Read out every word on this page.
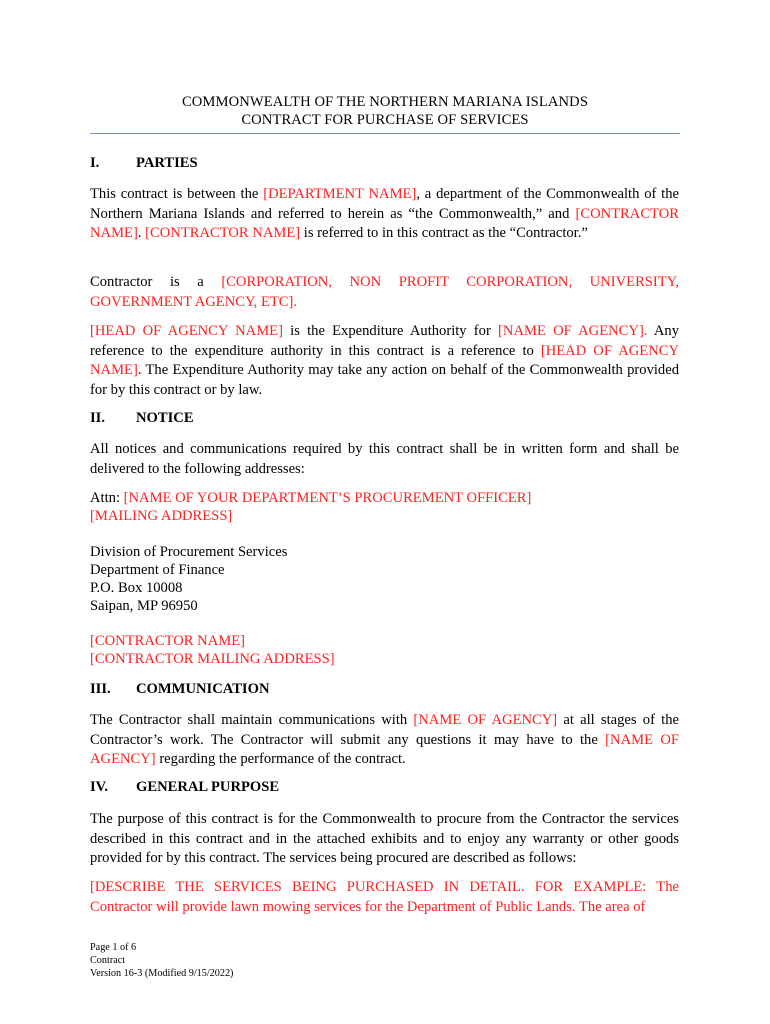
COMMONWEALTH OF THE NORTHERN MARIANA ISLANDS
CONTRACT FOR PURCHASE OF SERVICES
I.	PARTIES

This contract is between the [DEPARTMENT NAME], a department of the Commonwealth of the Northern Mariana Islands and referred to herein as “the Commonwealth,” and [CONTRACTOR NAME]. [CONTRACTOR NAME] is referred to in this contract as the “Contractor.”

Contractor is a [CORPORATION, NON PROFIT CORPORATION, UNIVERSITY, GOVERNMENT AGENCY, ETC].

[HEAD OF AGENCY NAME] is the Expenditure Authority for [NAME OF AGENCY]. Any reference to the expenditure authority in this contract is a reference to [HEAD OF AGENCY NAME]. The Expenditure Authority may take any action on behalf of the Commonwealth provided for by this contract or by law.

II. NOTICE

All notices and communications required by this contract shall be in written form and shall be delivered to the following addresses:

Attn: [NAME OF YOUR DEPARTMENT’S PROCUREMENT OFFICER]
[MAILING ADDRESS]
Division of Procurement Services
Department of Finance
P.O. Box 10008
Saipan, MP 96950
[CONTRACTOR NAME]
[CONTRACTOR MAILING ADDRESS]
III. COMMUNICATION

The Contractor shall maintain communications with [NAME OF AGENCY] at all stages of the Contractor’s work. The Contractor will submit any questions it may have to the [NAME OF AGENCY] regarding the performance of the contract.

IV. GENERAL PURPOSE

The purpose of this contract is for the Commonwealth to procure from the Contractor the services described in this contract and in the attached exhibits and to enjoy any warranty or other goods provided for by this contract. The services being procured are described as follows:

[DESCRIBE THE SERVICES BEING PURCHASED IN DETAIL. FOR EXAMPLE: The Contractor will provide lawn mowing services for the Department of Public Lands. The area of

Page 1 of 6
Contract
Version 16-3 (Modified 9/15/2022)
